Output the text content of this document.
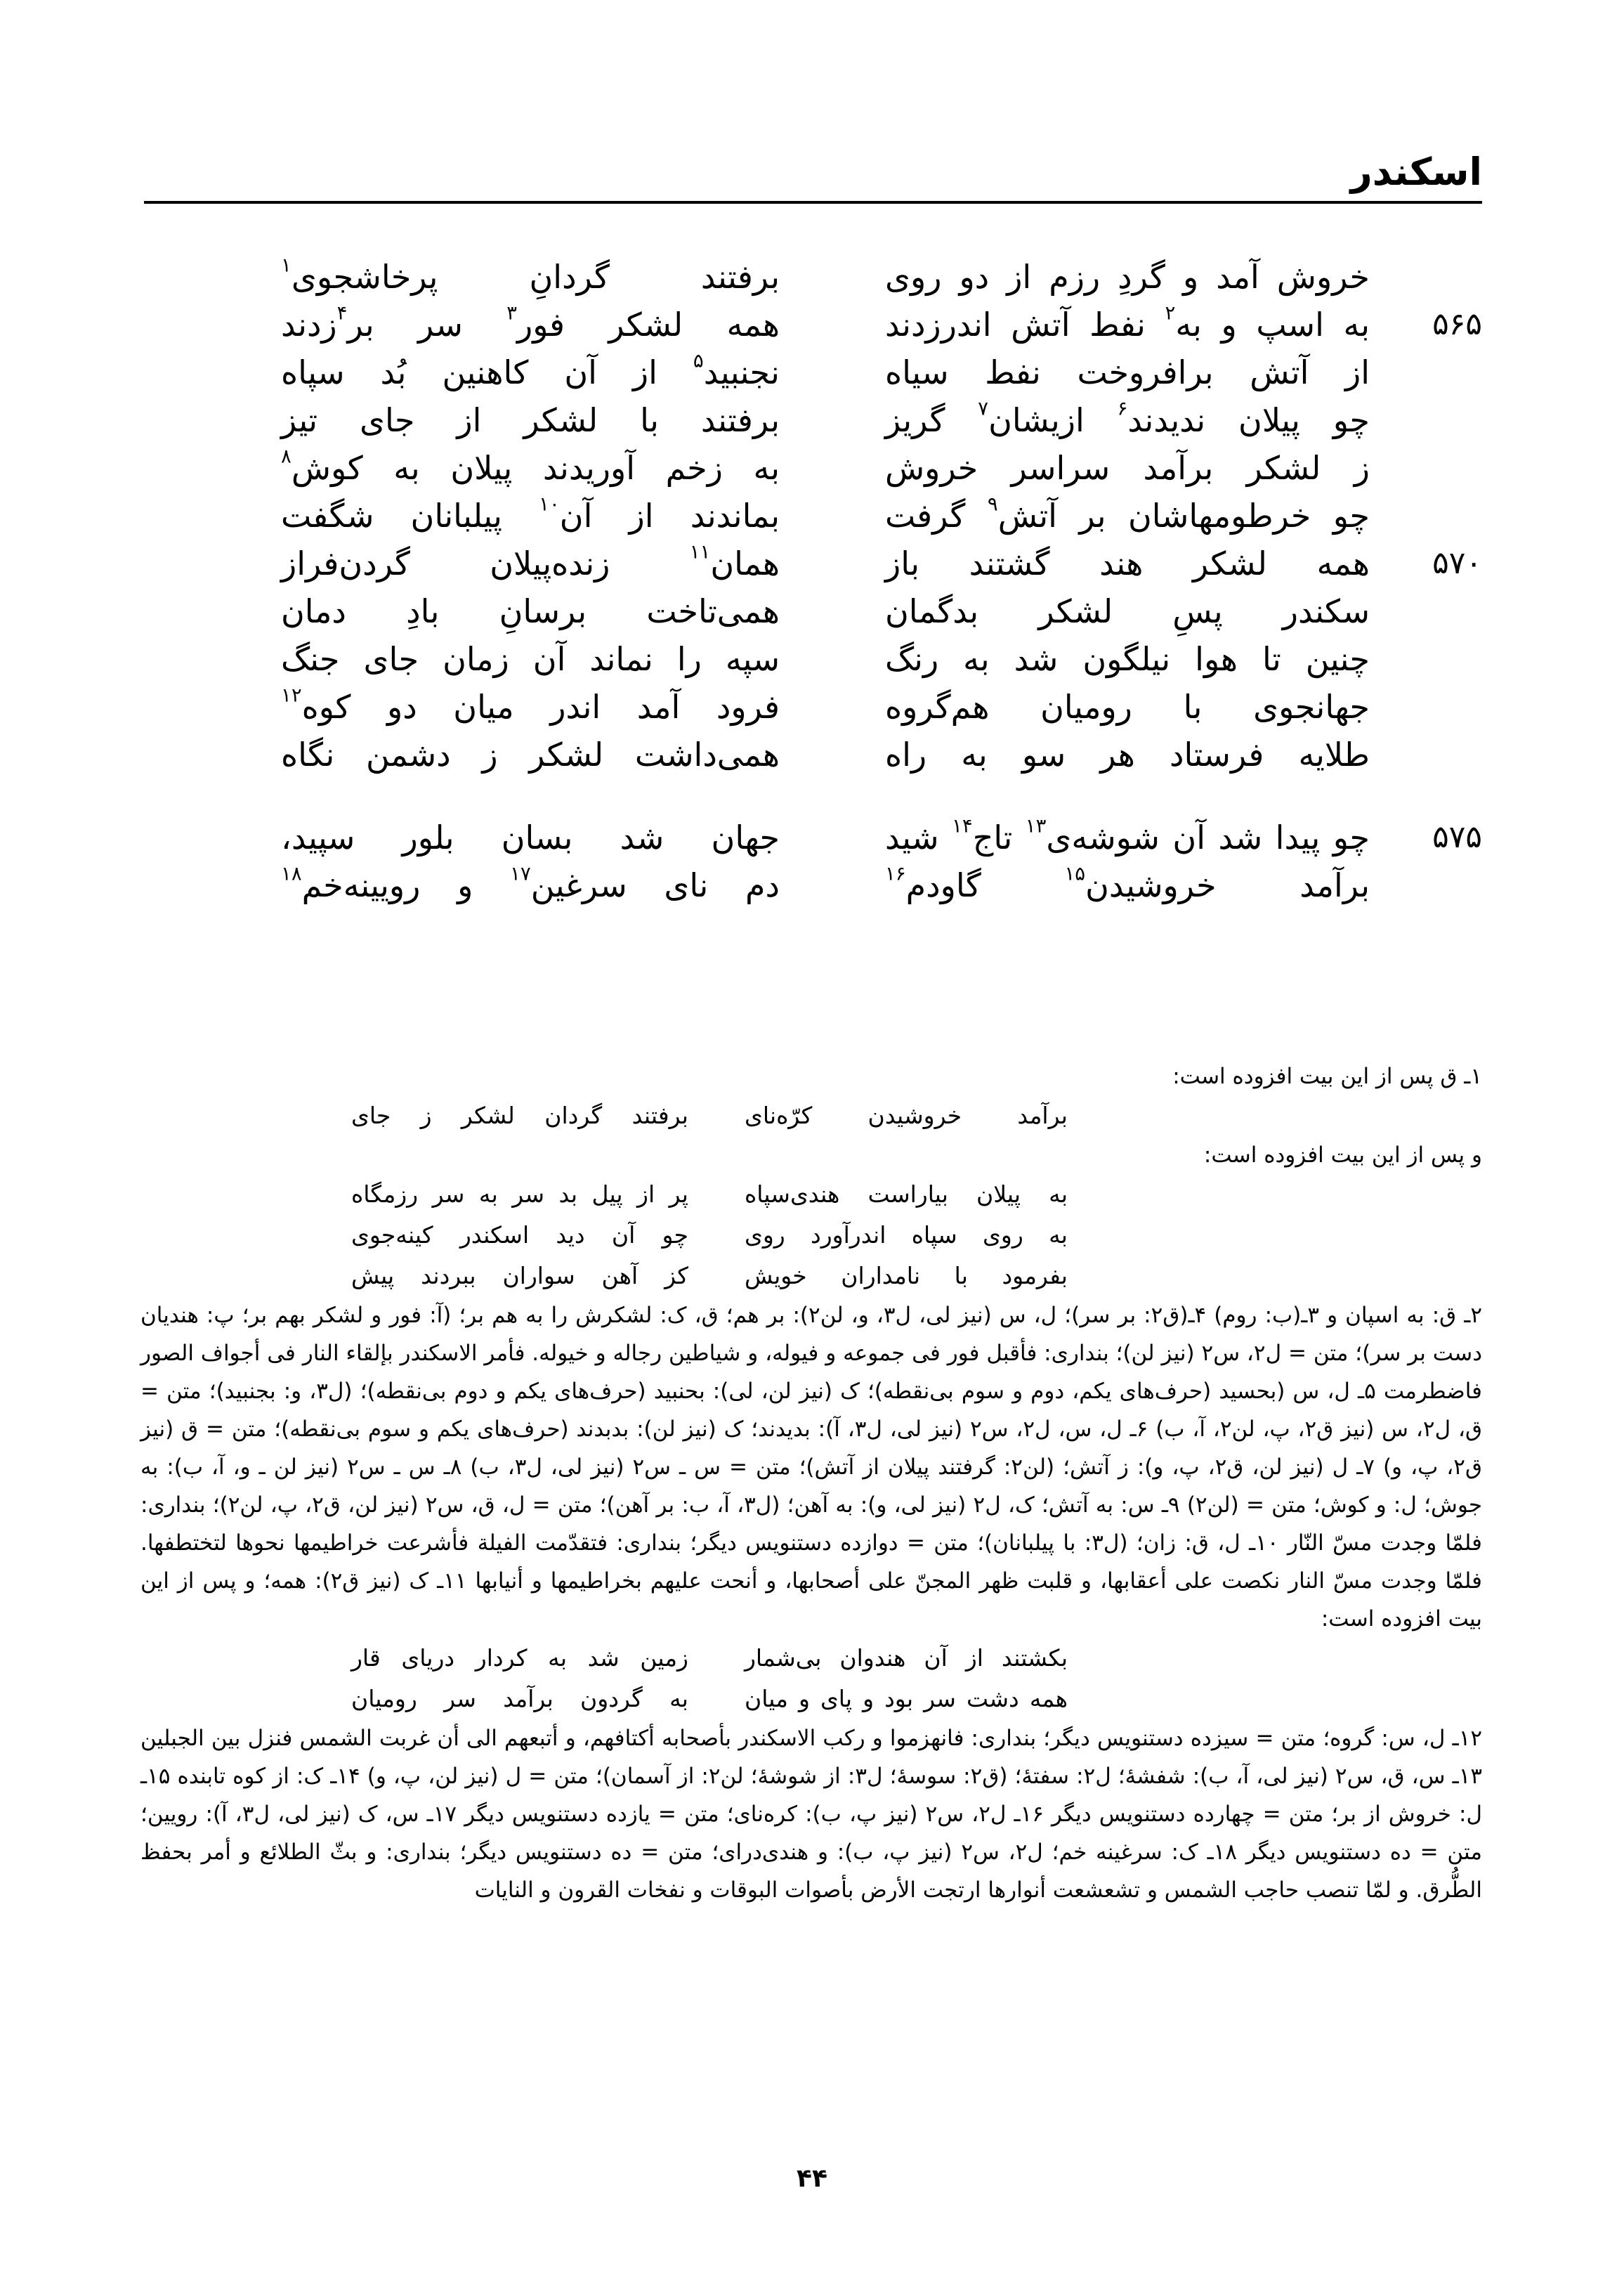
اسکندر
خروش آمد و گردِ رزم از دو روی
برفتند گردانِ پرخاشجوی$^۱$
۵۶۵
به اسپ و به$^۲$ نفط آتش اندرزدند
همه لشکر فور$^۳$ سر بر$^۴$زدند
از آتش برافروخت نفط سیاه
نجنبید$^۵$ از آن کاهنین بُد سپاه
چو پیلان ندیدند$^۶$ ازیشان$^۷$ گریز
برفتند با لشکر از جای تیز
ز لشکر برآمد سراسر خروش
به زخم آوریدند پیلان به کوش$^۸$
چو خرطومهاشان بر آتش$^۹$ گرفت
بماندند از آن$^{۱۰}$ پیلبانان شگفت
۵۷۰
همه لشکر هند گشتند باز
همان$^{۱۱}$ زنده‌پیلان گردن‌فراز
سکندر پسِ لشکر بدگمان
همی‌تاخت برسانِ بادِ دمان
چنین تا هوا نیلگون شد به رنگ
سپه را نماند آن زمان جای جنگ
جهانجوی با رومیان هم‌گروه
فرود آمد اندر میان دو کوه$^{۱۲}$
طلایه فرستاد هر سو به راه
همی‌داشت لشکر ز دشمن نگاه
۵۷۵
چو پیدا شد آن شوشه‌ی$^{۱۳}$ تاج$^{۱۴}$ شید
جهان شد بسان بلور سپید،
برآمد خروشیدن$^{۱۵}$ گاودم$^{۱۶}$
دم نای سرغین$^{۱۷}$ و رویینه‌خم$^{۱۸}$

۱ـ ق پس از این بیت افزوده است:

برآمد خروشیدن کرّه‌نای
برفتند گردان لشکر ز جای

و پس از این بیت افزوده است:

به پیلان بیاراست هندی‌سپاه
پر از پیل بد سر به سر رزمگاه
به روی سپاه اندرآورد روی
چو آن دید اسکندر کینه‌جوی
بفرمود با نامداران خویش
کز آهن سواران ببردند پیش

۲ـ ق: به اسپان و ۳ـ(ب: روم) ۴ـ(ق۲: بر سر)؛ ل، س (نیز لی، ل۳، و، لن۲): بر هم؛ ق، ک: لشکرش را به هم بر؛ (آ: فور و لشکر بهم بر؛ پ: هندیان دست بر سر)؛ متن = ل۲، س۲ (نیز لن)؛ بنداری: فأقبل فور فی جموعه و فیوله، و شیاطین رجاله و خیوله. فأمر الاسکندر بإلقاء النار فی أجواف الصور فاضطرمت ۵ـ ل، س (بحسید (حرف‌های یکم، دوم و سوم بی‌نقطه)؛ ک (نیز لن، لی): بحنبید (حرف‌های یکم و دوم بی‌نقطه)؛ (ل۳، و: بجنبید)؛ متن = ق، ل۲، س (نیز ق۲، پ، لن۲، آ، ب) ۶ـ ل، س، ل۲، س۲ (نیز لی، ل۳، آ): بدیدند؛ ک (نیز لن): بدبدند (حرف‌های یکم و سوم بی‌نقطه)؛ متن = ق (نیز ق۲، پ، و) ۷ـ ل (نیز لن، ق۲، پ، و): ز آتش؛ (لن۲: گرفتند پیلان از آتش)؛ متن = س ـ س۲ (نیز لی، ل۳، ب) ۸ـ س ـ س۲ (نیز لن ـ و، آ، ب): به جوش؛ ل: و کوش؛ متن = (لن۲) ۹ـ س: به آتش؛ ک، ل۲ (نیز لی، و): به آهن؛ (ل۳، آ، ب: بر آهن)؛ متن = ل، ق، س۲ (نیز لن، ق۲، پ، لن۲)؛ بنداری: فلمّا وجدت مسّ النّار ۱۰ـ ل، ق: زان؛ (ل۳: با پیلبانان)؛ متن = دوازده دستنویس دیگر؛ بنداری: فتقدّمت الفیلة فأشرعت خراطیمها نحوها لتختطفها. فلمّا وجدت مسّ النار نکصت علی أعقابها، و قلبت ظهر المجنّ علی أصحابها، و أنحت علیهم بخراطیمها و أنیابها ۱۱ـ ک (نیز ق۲): همه؛ و پس از این بیت افزوده است:

بکشتند از آن هندوان بی‌شمار
زمین شد به کردار دریای قار
همه دشت سر بود و پای و میان
به گردون برآمد سر رومیان

۱۲ـ ل، س: گروه؛ متن = سیزده دستنویس دیگر؛ بنداری: فانهزموا و رکب الاسکندر بأصحابه أکتافهم، و أتبعهم الی أن غربت الشمس فنزل بین الجبلین ۱۳ـ س، ق، س۲ (نیز لی، آ، ب): شفشهٔ؛ ل۲: سفتهٔ؛ (ق۲: سوسهٔ؛ ل۳: از شوشهٔ؛ لن۲: از آسمان)؛ متن = ل (نیز لن، پ، و) ۱۴ـ ک: از کوه تابنده ۱۵ـ ل: خروش از بر؛ متن = چهارده دستنویس دیگر ۱۶ـ ل۲، س۲ (نیز پ، ب): کره‌نای؛ متن = یازده دستنویس دیگر ۱۷ـ س، ک (نیز لی، ل۳، آ): رویین؛ متن = ده دستنویس دیگر ۱۸ـ ک: سرغینه خم؛ ل۲، س۲ (نیز پ، ب): و هندی‌درای؛ متن = ده دستنویس دیگر؛ بنداری: و بثّ الطلائع و أمر بحفظ الطُّرق. و لمّا تنصب حاجب الشمس و تشعشعت أنوارها ارتجت الأرض بأصوات البوقات و نفخات القرون و النایات

۴۴
